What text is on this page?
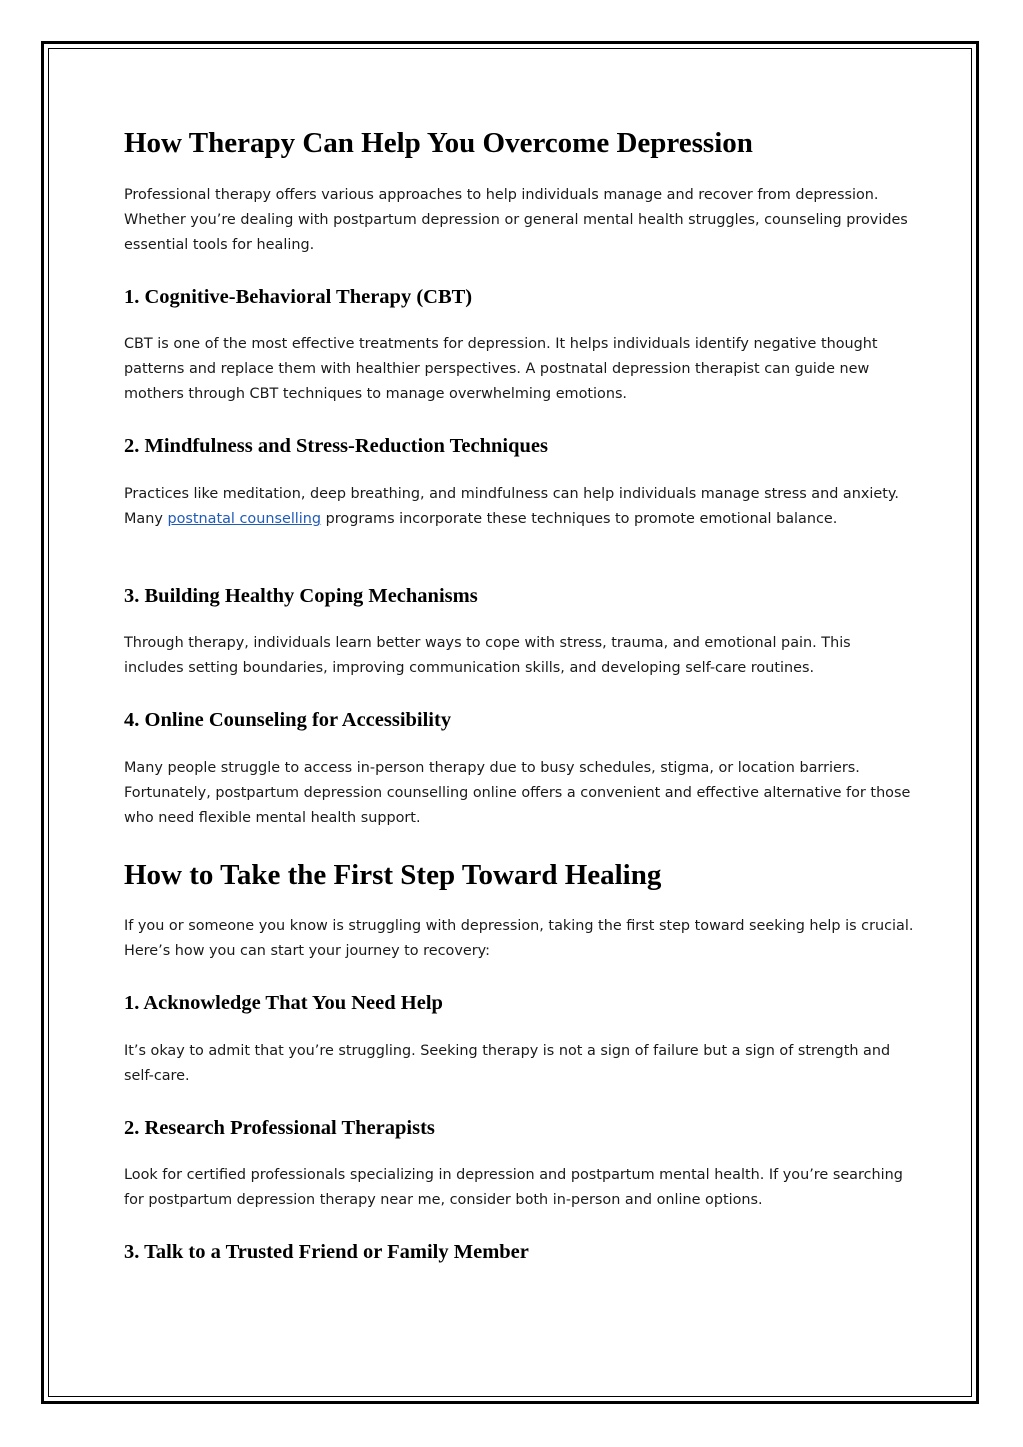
How Therapy Can Help You Overcome Depression

Professional therapy offers various approaches to help individuals manage and recover from depression. Whether you’re dealing with postpartum depression or general mental health struggles, counseling provides essential tools for healing.

1. Cognitive-Behavioral Therapy (CBT)

CBT is one of the most effective treatments for depression. It helps individuals identify negative thought patterns and replace them with healthier perspectives. A postnatal depression therapist can guide new mothers through CBT techniques to manage overwhelming emotions.

2. Mindfulness and Stress-Reduction Techniques

Practices like meditation, deep breathing, and mindfulness can help individuals manage stress and anxiety. Many postnatal counselling programs incorporate these techniques to promote emotional balance.

3. Building Healthy Coping Mechanisms

Through therapy, individuals learn better ways to cope with stress, trauma, and emotional pain. This includes setting boundaries, improving communication skills, and developing self-care routines.

4. Online Counseling for Accessibility

Many people struggle to access in-person therapy due to busy schedules, stigma, or location barriers. Fortunately, postpartum depression counselling online offers a convenient and effective alternative for those who need flexible mental health support.

How to Take the First Step Toward Healing

If you or someone you know is struggling with depression, taking the first step toward seeking help is crucial. Here’s how you can start your journey to recovery:

1. Acknowledge That You Need Help

It’s okay to admit that you’re struggling. Seeking therapy is not a sign of failure but a sign of strength and self-care.

2. Research Professional Therapists

Look for certified professionals specializing in depression and postpartum mental health. If you’re searching for postpartum depression therapy near me, consider both in-person and online options.

3. Talk to a Trusted Friend or Family Member
